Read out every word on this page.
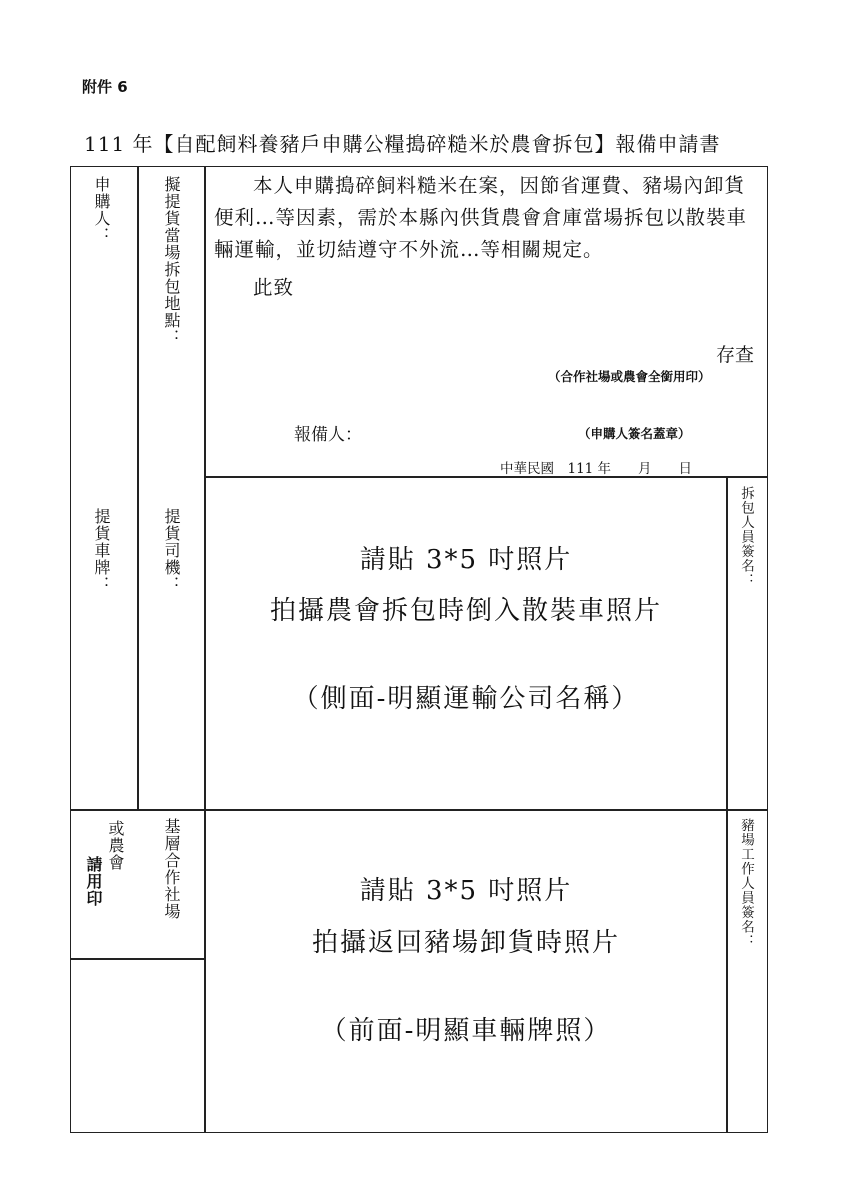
附件 6
111 年【自配飼料養豬戶申購公糧搗碎糙米於農會拆包】報備申請書
申購人：
提貨車牌：
或農會
請用印
擬提貨當場拆包地點：
提貨司機：
基層合作社場

本人申購搗碎飼料糙米在案，因節省運費、豬場內卸貨便利…等因素，需於本縣內供貨農會倉庫當場拆包以散裝車輛運輸，並切結遵守不外流…等相關規定。

此致

存查
（合作社場或農會全銜用印）
報備人：	（申購人簽名蓋章）
中華民國　111 年　　月　　日
請貼 3*5 吋照片
拍攝農會拆包時倒入散裝車照片
（側面-明顯運輸公司名稱）
請貼 3*5 吋照片
拍攝返回豬場卸貨時照片
（前面-明顯車輛牌照）
拆包人員簽名：
豬場工作人員簽名：
